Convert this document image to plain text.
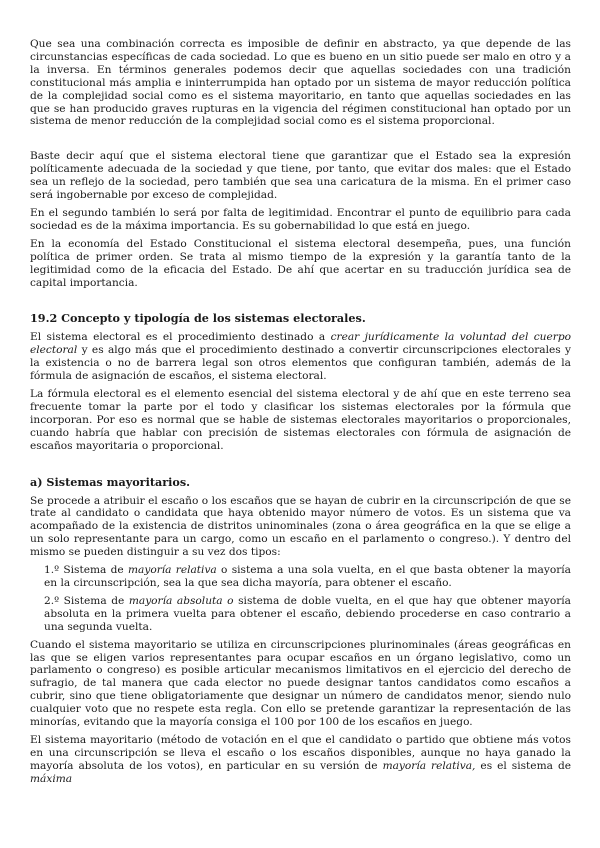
Que sea una combinación correcta es imposible de definir en abstracto, ya que depende de las circunstancias específicas de cada sociedad. Lo que es bueno en un sitio puede ser malo en otro y a la inversa. En términos generales podemos decir que aquellas sociedades con una tradición constitucional más amplia e ininterrumpida han optado por un sistema de mayor reducción política de la complejidad social como es el sistema mayoritario, en tanto que aquellas sociedades en las que se han producido graves rupturas en la vigencia del régimen constitucional han optado por un sistema de menor reducción de la complejidad social como es el sistema proporcional.

Baste decir aquí que el sistema electoral tiene que garantizar que el Estado sea la expresión políticamente adecuada de la sociedad y que tiene, por tanto, que evitar dos males: que el Estado sea un reflejo de la sociedad, pero también que sea una caricatura de la misma. En el primer caso será ingobernable por exceso de complejidad.

En el segundo también lo será por falta de legitimidad. Encontrar el punto de equilibrio para cada sociedad es de la máxima importancia. Es su gobernabilidad lo que está en juego.

En la economía del Estado Constitucional el sistema electoral desempeña, pues, una función política de primer orden. Se trata al mismo tiempo de la expresión y la garantía tanto de la legitimidad como de la eficacia del Estado. De ahí que acertar en su traducción jurídica sea de capital importancia.

19.2 Concepto y tipología de los sistemas electorales.

El sistema electoral es el procedimiento destinado a crear jurídicamente la voluntad del cuerpo electoral y es algo más que el procedimiento destinado a convertir circunscripciones electorales y la existencia o no de barrera legal son otros elementos que configuran también, además de la fórmula de asignación de escaños, el sistema electoral.

La fórmula electoral es el elemento esencial del sistema electoral y de ahí que en este terreno sea frecuente tomar la parte por el todo y clasificar los sistemas electorales por la fórmula que incorporan. Por eso es normal que se hable de sistemas electorales mayoritarios o proporcionales, cuando habría que hablar con precisión de sistemas electorales con fórmula de asignación de escaños mayoritaria o proporcional.

a) Sistemas mayoritarios.

Se procede a atribuir el escaño o los escaños que se hayan de cubrir en la circunscripción de que se trate al candidato o candidata que haya obtenido mayor número de votos. Es un sistema que va acompañado de la existencia de distritos uninominales (zona o área geográfica en la que se elige a un solo representante para un cargo, como un escaño en el parlamento o congreso.). Y dentro del mismo se pueden distinguir a su vez dos tipos:

1.º Sistema de mayoría relativa o sistema a una sola vuelta, en el que basta obtener la mayoría en la circunscripción, sea la que sea dicha mayoría, para obtener el escaño.

2.º Sistema de mayoría absoluta o sistema de doble vuelta, en el que hay que obtener mayoría absoluta en la primera vuelta para obtener el escaño, debiendo procederse en caso contrario a una segunda vuelta.

Cuando el sistema mayoritario se utiliza en circunscripciones plurinominales (áreas geográficas en las que se eligen varios representantes para ocupar escaños en un órgano legislativo, como un parlamento o congreso) es posible articular mecanismos limitativos en el ejercicio del derecho de sufragio, de tal manera que cada elector no puede designar tantos candidatos como escaños a cubrir, sino que tiene obligatoriamente que designar un número de candidatos menor, siendo nulo cualquier voto que no respete esta regla. Con ello se pretende garantizar la representación de las minorías, evitando que la mayoría consiga el 100 por 100 de los escaños en juego.

El sistema mayoritario (método de votación en el que el candidato o partido que obtiene más votos en una circunscripción se lleva el escaño o los escaños disponibles, aunque no haya ganado la mayoría absoluta de los votos), en particular en su versión de mayoría relativa, es el sistema de máxima
